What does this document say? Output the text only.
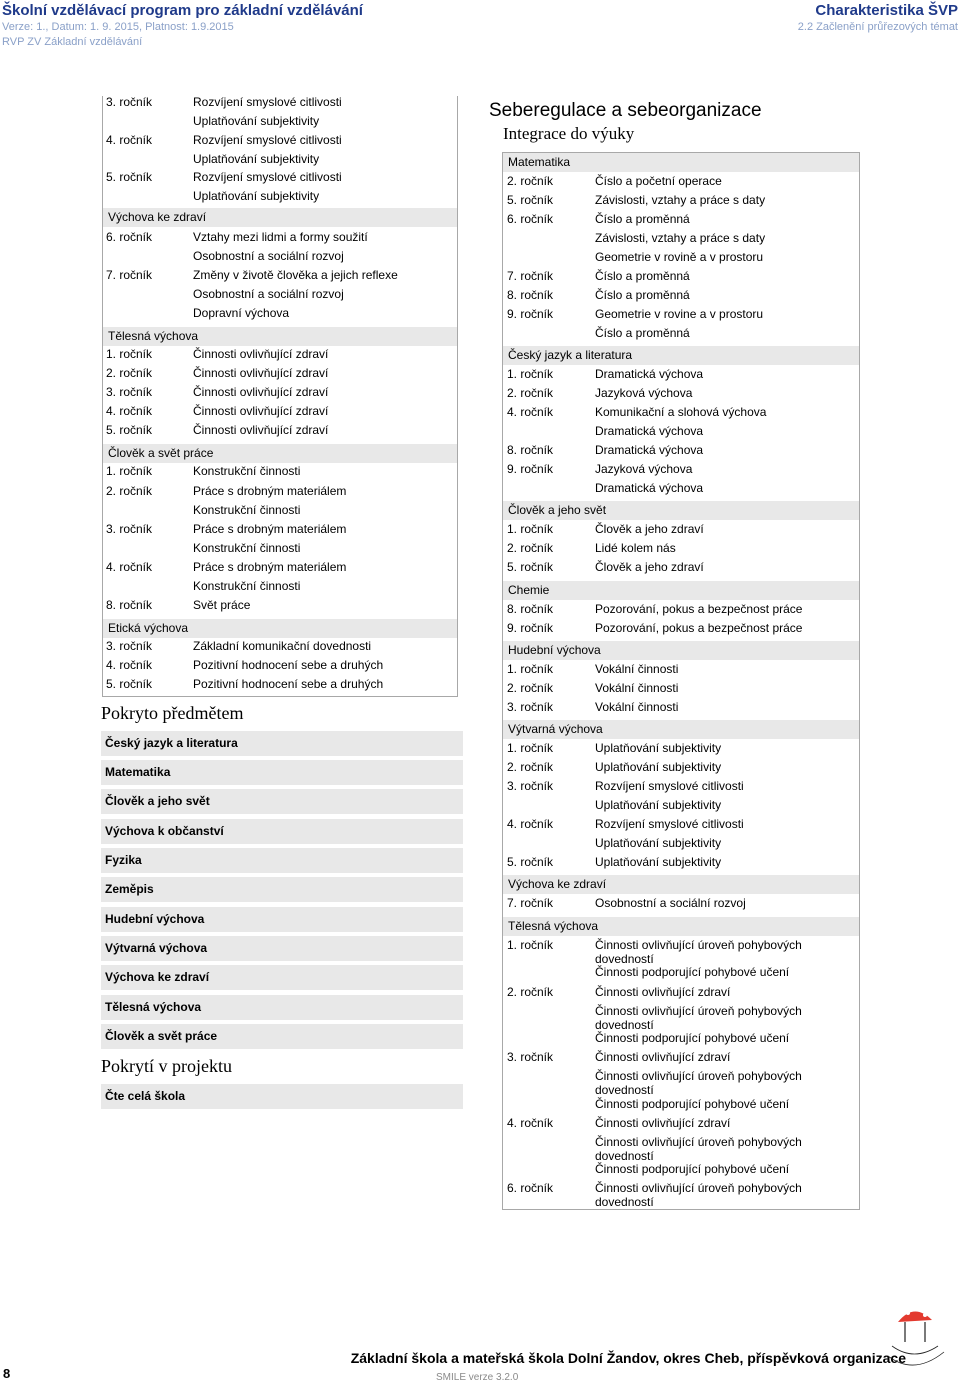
Školní vzdělávací program pro základní vzdělávání
Verze: 1., Datum: 1. 9. 2015, Platnost: 1.9.2015
RVP ZV Základní vzdělávání
Charakteristika ŠVP
2.2 Začlenění průřezových témat
3. ročník	Rozvíjení smyslové citlivosti
Uplatňování subjektivity
4. ročník	Rozvíjení smyslové citlivosti
Uplatňování subjektivity
5. ročník	Rozvíjení smyslové citlivosti
Uplatňování subjektivity
Výchova ke zdraví
6. ročník	Vztahy mezi lidmi a formy soužití
Osobnostní a sociální rozvoj
7. ročník	Změny v životě člověka a jejich reflexe
Osobnostní a sociální rozvoj
Dopravní výchova
Tělesná výchova
1. ročník	Činnosti ovlivňující zdraví
2. ročník	Činnosti ovlivňující zdraví
3. ročník	Činnosti ovlivňující zdraví
4. ročník	Činnosti ovlivňující zdraví
5. ročník	Činnosti ovlivňující zdraví
Člověk a svět práce
1. ročník	Konstrukční činnosti
2. ročník	Práce s drobným materiálem
Konstrukční činnosti
3. ročník	Práce s drobným materiálem
Konstrukční činnosti
4. ročník	Práce s drobným materiálem
Konstrukční činnosti
8. ročník	Svět práce
Etická výchova
3. ročník	Základní komunikační dovednosti
4. ročník	Pozitivní hodnocení sebe a druhých
5. ročník	Pozitivní hodnocení sebe a druhých
Pokryto předmětem
Český jazyk a literatura
Matematika
Člověk a jeho svět
Výchova k občanství
Fyzika
Zeměpis
Hudební výchova
Výtvarná výchova
Výchova ke zdraví
Tělesná výchova
Člověk a svět práce
Pokrytí v projektu
Čte celá škola
Seberegulace a sebeorganizace
Integrace do výuky
Matematika
2. ročník	Číslo a početní operace
5. ročník	Závislosti, vztahy a práce s daty
6. ročník	Číslo a proměnná
Závislosti, vztahy a práce s daty
Geometrie v rovině a v prostoru
7. ročník	Číslo a proměnná
8. ročník	Číslo a proměnná
9. ročník	Geometrie v rovine a v prostoru
Číslo a proměnná
Český jazyk a literatura
1. ročník	Dramatická výchova
2. ročník	Jazyková výchova
4. ročník	Komunikační a slohová výchova
Dramatická výchova
8. ročník	Dramatická výchova
9. ročník	Jazyková výchova
Dramatická výchova
Člověk a jeho svět
1. ročník	Člověk a jeho zdraví
2. ročník	Lidé kolem nás
5. ročník	Člověk a jeho zdraví
Chemie
8. ročník	Pozorování, pokus a bezpečnost práce
9. ročník	Pozorování, pokus a bezpečnost práce
Hudební výchova
1. ročník	Vokální činnosti
2. ročník	Vokální činnosti
3. ročník	Vokální činnosti
Výtvarná výchova
1. ročník	Uplatňování subjektivity
2. ročník	Uplatňování subjektivity
3. ročník	Rozvíjení smyslové citlivosti
Uplatňování subjektivity
4. ročník	Rozvíjení smyslové citlivosti
Uplatňování subjektivity
5. ročník	Uplatňování subjektivity
Výchova ke zdraví
7. ročník	Osobnostní a sociální rozvoj
Tělesná výchova
1. ročník	Činnosti ovlivňující úroveň pohybových
dovedností
Činnosti podporující pohybové učení
2. ročník	Činnosti ovlivňující zdraví
Činnosti ovlivňující úroveň pohybových
dovedností
Činnosti podporující pohybové učení
3. ročník	Činnosti ovlivňující zdraví
Činnosti ovlivňující úroveň pohybových
dovedností
Činnosti podporující pohybové učení
4. ročník	Činnosti ovlivňující zdraví
Činnosti ovlivňující úroveň pohybových
dovedností
Činnosti podporující pohybové učení
6. ročník	Činnosti ovlivňující úroveň pohybových
dovedností
8
Základní škola a mateřská škola Dolní Žandov, okres Cheb, příspěvková organizace
SMILE verze 3.2.0
